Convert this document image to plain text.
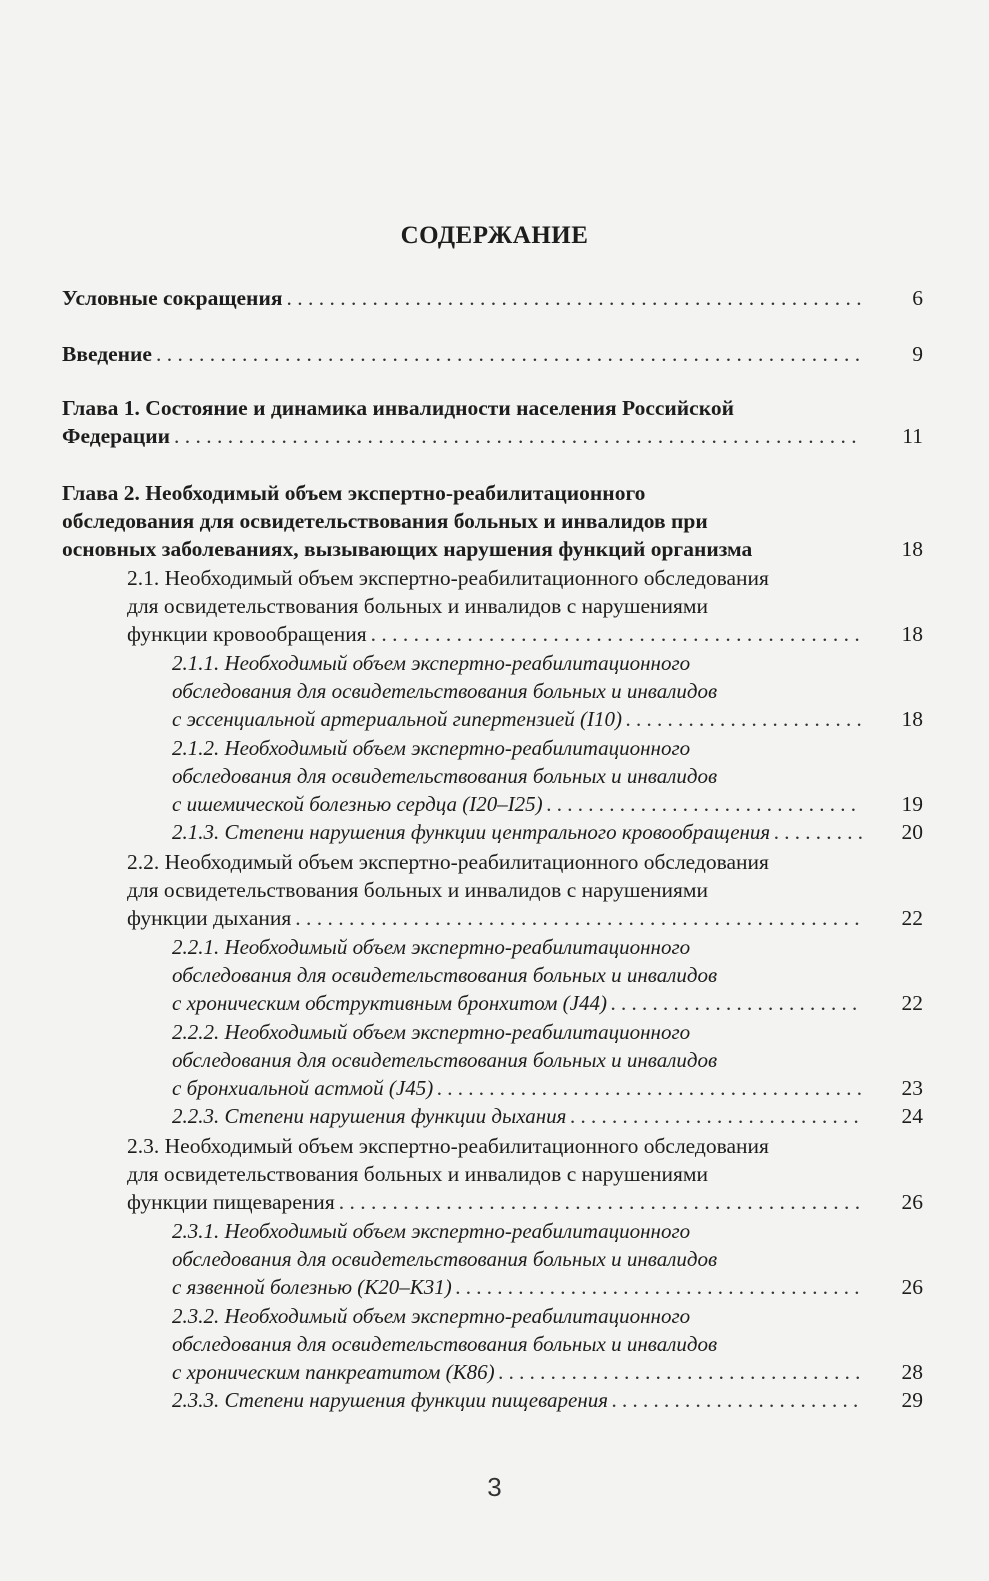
СОДЕРЖАНИЕ
Условные сокращения . . .	6
Введение . . .	9
Глава 1. Состояние и динамика инвалидности населения Российской
Федерации . . .	11
Глава 2. Необходимый объем экспертно-реабилитационного
обследования для освидетельствования больных и инвалидов при
основных заболеваниях, вызывающих нарушения функций организма	18
2.1. Необходимый объем экспертно-реабилитационного обследования
для освидетельствования больных и инвалидов с нарушениями
функции кровообращения . . .	18
2.1.1. Необходимый объем экспертно-реабилитационного
обследования для освидетельствования больных и инвалидов
с эссенциальной артериальной гипертензией (I10) . . .	18
2.1.2. Необходимый объем экспертно-реабилитационного
обследования для освидетельствования больных и инвалидов
с ишемической болезнью сердца (I20–I25) . . .	19
2.1.3. Степени нарушения функции центрального кровообращения . . .	20
2.2. Необходимый объем экспертно-реабилитационного обследования
для освидетельствования больных и инвалидов с нарушениями
функции дыхания . . .	22
2.2.1. Необходимый объем экспертно-реабилитационного
обследования для освидетельствования больных и инвалидов
с хроническим обструктивным бронхитом (J44) . . .	22
2.2.2. Необходимый объем экспертно-реабилитационного
обследования для освидетельствования больных и инвалидов
с бронхиальной астмой (J45) . . .	23
2.2.3. Степени нарушения функции дыхания . . .	24
2.3. Необходимый объем экспертно-реабилитационного обследования
для освидетельствования больных и инвалидов с нарушениями
функции пищеварения . . .	26
2.3.1. Необходимый объем экспертно-реабилитационного
обследования для освидетельствования больных и инвалидов
с язвенной болезнью (K20–K31) . . .	26
2.3.2. Необходимый объем экспертно-реабилитационного
обследования для освидетельствования больных и инвалидов
с хроническим панкреатитом (K86) . . .	28
2.3.3. Степени нарушения функции пищеварения . . .	29
3
